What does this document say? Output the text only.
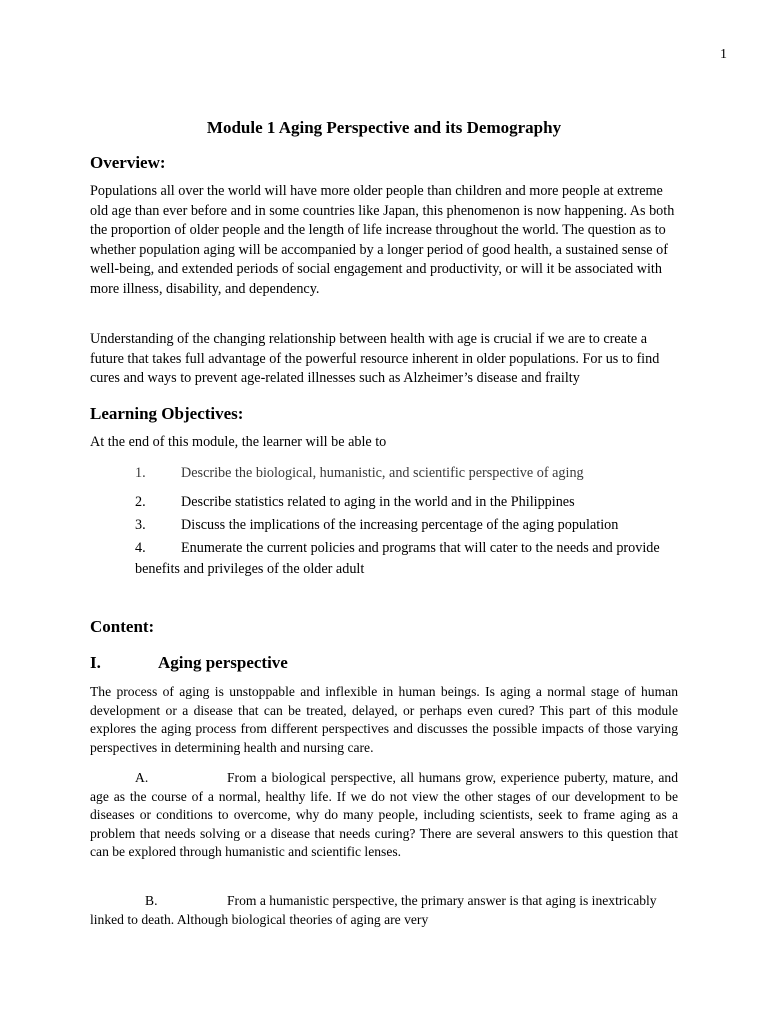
1
Module 1 Aging Perspective and its Demography
Overview:
Populations all over the world will have more older people than children and more people at extreme old age than ever before and in some countries like Japan, this phenomenon is now happening. As both the proportion of older people and the length of life increase throughout the world. The question as to whether population aging will be accompanied by a longer period of good health, a sustained sense of well-being, and extended periods of social engagement and productivity, or will it be associated with more illness, disability, and dependency.
Understanding of the changing relationship between health with age is crucial if we are to create a future that takes full advantage of the powerful resource inherent in older populations. For us to find cures and ways to prevent age-related illnesses such as Alzheimer’s disease and frailty
Learning Objectives:
At the end of this module, the learner will be able to
1. Describe the biological, humanistic, and scientific perspective of aging
2. Describe statistics related to aging in the world and in the Philippines
3. Discuss the implications of the increasing percentage of the aging population
4. Enumerate the current policies and programs that will cater to the needs and provide benefits and privileges of the older adult
Content:
I.	Aging perspective
The process of aging is unstoppable and inflexible in human beings. Is aging a normal stage of human development or a disease that can be treated, delayed, or perhaps even cured? This part of this module explores the aging process from different perspectives and discusses the possible impacts of those varying perspectives in determining health and nursing care.
A.	From a biological perspective, all humans grow, experience puberty, mature, and age as the course of a normal, healthy life. If we do not view the other stages of our development to be diseases or conditions to overcome, why do many people, including scientists, seek to frame aging as a problem that needs solving or a disease that needs curing? There are several answers to this question that can be explored through humanistic and scientific lenses.
B.	From a humanistic perspective, the primary answer is that aging is inextricably linked to death. Although biological theories of aging are very
